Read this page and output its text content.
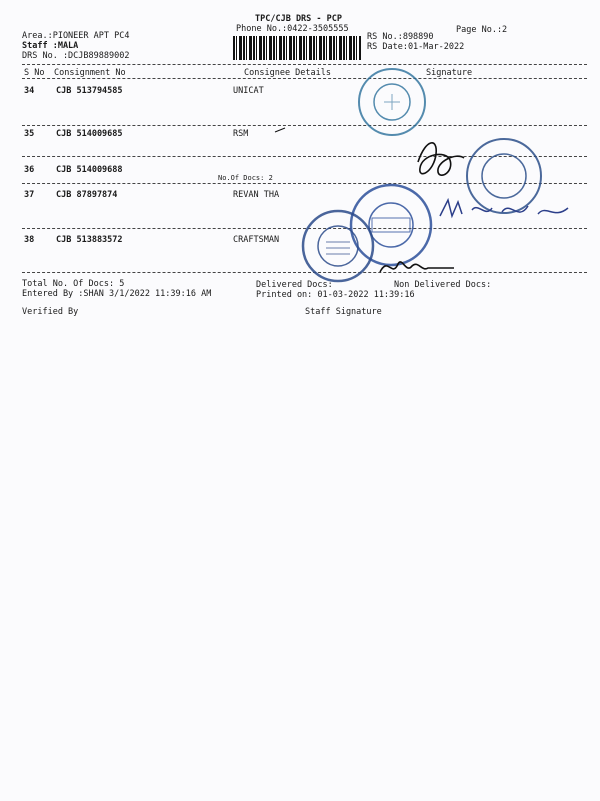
TPC/CJB DRS - PCP
Phone No.:0422-3505555	Page No.:2
Area.:PIONEER APT PC4
Staff :MALA
DRS No. :DCJB89889002
RS No.:898890
RS Date:01-Mar-2022
S No Consignment No	Consignee Details	Signature
34	CJB 513794585	UNICAT
35	CJB 514009685	RSM
36	CJB 514009688
No.Of Docs: 2
37	CJB 87897874	REVAN THA
38	CJB 513883572	CRAFTSMAN
Total No. Of Docs: 5
Entered By :SHAN 3/1/2022 11:39:16 AM
Delivered Docs:	Non Delivered Docs:
Printed on: 01-03-2022 11:39:16
Verified By	Staff Signature
